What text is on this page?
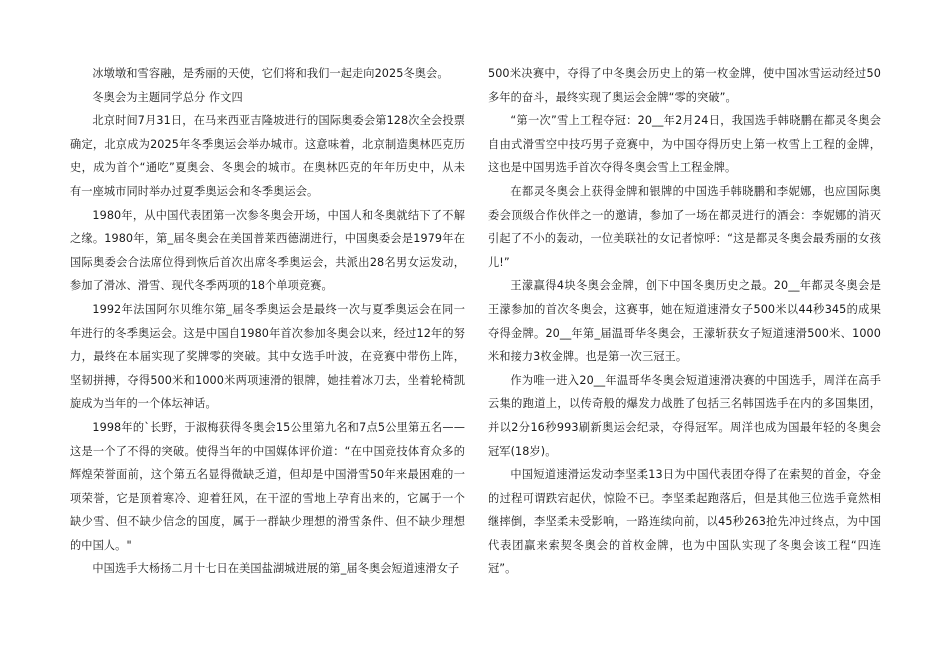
冰墩墩和雪容融，是秀丽的天使，它们将和我们一起走向2025冬奥会。

冬奥会为主题同学总分 作文四

北京时间7月31日，在马来西亚吉隆坡进行的国际奥委会第128次全会投票确定，北京成为2025年冬季奥运会举办城市。这意味着，北京制造奥林匹克历史，成为首个“通吃”夏奥会、冬奥会的城市。在奥林匹克的年年历史中，从未有一座城市同时举办过夏季奥运会和冬季奥运会。

1980年，从中国代表团第一次参冬奥会开场，中国人和冬奥就结下了不解之缘。1980年，第_届冬奥会在美国普莱西德湖进行，中国奥委会是1979年在国际奥委会合法席位得到恢后首次出席冬季奥运会，共派出28名男女运发动，参加了滑冰、滑雪、现代冬季两项的18个单项竞赛。

1992年法国阿尔贝维尔第_届冬季奥运会是最终一次与夏季奥运会在同一年进行的冬季奥运会。这是中国自1980年首次参加冬奥会以来，经过12年的努力，最终在本届实现了奖牌零的突破。其中女选手叶波，在竞赛中带伤上阵，坚韧拼搏，夺得500米和1000米两项速滑的银牌，她挂着冰刀去，坐着轮椅凯旋成为当年的一个体坛神话。

1998年的`长野，于淑梅获得冬奥会15公里第九名和7点5公里第五名——这是一个了不得的突破。使得当年的中国媒体评价道：“在中国竞技体育众多的辉煌荣誉面前，这个第五名显得微缺乏道，但却是中国滑雪50年来最困难的一项荣誉，它是顶着寒冷、迎着狂风，在干涩的雪地上孕育出来的，它属于一个缺少雪、但不缺少信念的国度，属于一群缺少理想的滑雪条件、但不缺少理想的中国人。"

中国选手大杨扬二月十七日在美国盐湖城进展的第_届冬奥会短道速滑女子

500米决赛中，夺得了中冬奥会历史上的第一枚金牌，使中国冰雪运动经过50多年的奋斗，最终实现了奥运会金牌“零的突破”。

“第一次”雪上工程夺冠：20__年2月24日，我国选手韩晓鹏在都灵冬奥会自由式滑雪空中技巧男子竞赛中，为中国夺得历史上第一枚雪上工程的金牌，这也是中国男选手首次夺得冬奥会雪上工程金牌。

在都灵冬奥会上获得金牌和银牌的中国选手韩晓鹏和李妮娜，也应国际奥委会顶级合作伙伴之一的邀请，参加了一场在都灵进行的酒会：李妮娜的消灭引起了不小的轰动，一位美联社的女记者惊呼：“这是都灵冬奥会最秀丽的女孩儿!”

王濛赢得4块冬奥会金牌，创下中国冬奥历史之最。20__年都灵冬奥会是王濛参加的首次冬奥会，这赛事，她在短道速滑女子500米以44秒345的成果夺得金牌。20__年第_届温哥华冬奥会，王濛斩获女子短道速滑500米、1000米和接力3枚金牌。也是第一次三冠王。

作为唯一进入20__年温哥华冬奥会短道速滑决赛的中国选手，周洋在高手云集的跑道上，以传奇般的爆发力战胜了包括三名韩国选手在内的多国集团，并以2分16秒993刷新奥运会纪录，夺得冠军。周洋也成为国最年轻的冬奥会冠军(18岁)。

中国短道速滑运发动李坚柔13日为中国代表团夺得了在索契的首金，夺金的过程可谓跌宕起伏，惊险不已。李坚柔起跑落后，但是其他三位选手竟然相继摔倒，李坚柔未受影响，一路连续向前，以45秒263抢先冲过终点，为中国代表团赢来索契冬奥会的首枚金牌，也为中国队实现了冬奥会该工程“四连冠”。
